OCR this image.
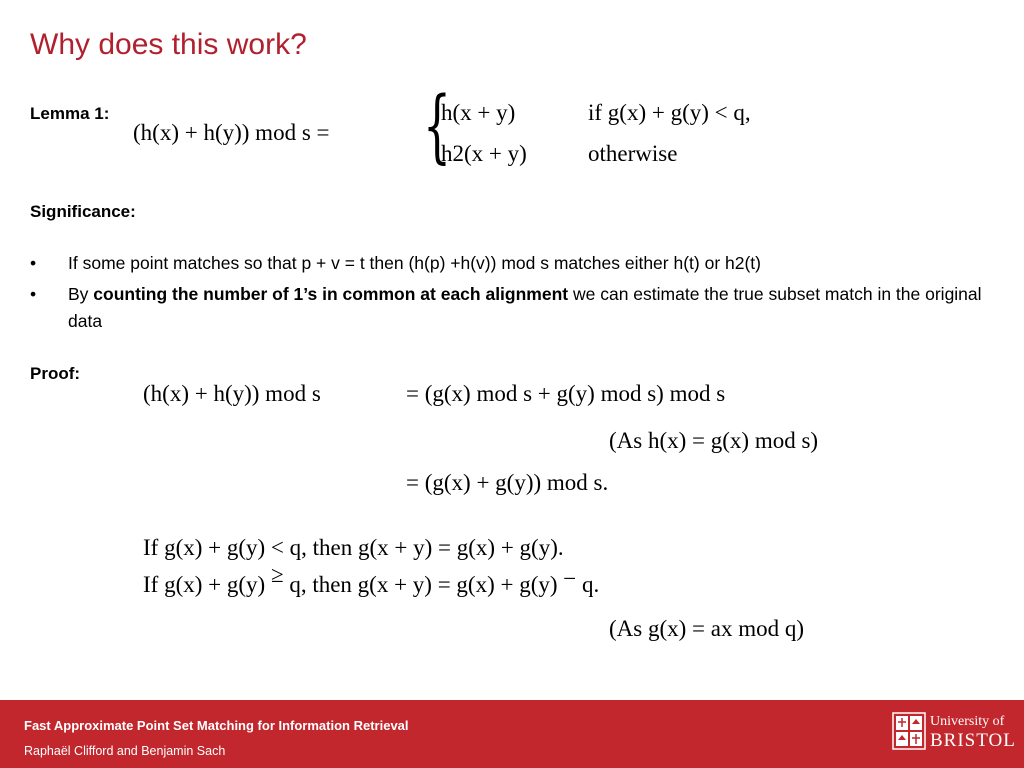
Why does this work?
Lemma 1:
(h(x) + h(y)) mod s = {
h(x + y)	if g(x) + g(y) < q,
h2(x + y)	otherwise
Significance:
• If some point matches so that p + v = t then (h(p) +h(v)) mod s matches either h(t) or h2(t)
• By counting the number of 1’s in common at each alignment we can estimate the true subset match in the original data
Proof:
(h(x) + h(y)) mod s	= (g(x) mod s + g(y) mod s) mod s
(As h(x) = g(x) mod s)
= (g(x) + g(y)) mod s.
If g(x) + g(y) < q, then g(x + y) = g(x) + g(y).
If g(x) + g(y) ≥ q, then g(x + y) = g(x) + g(y) − q.
(As g(x) = ax mod q)
Fast Approximate Point Set Matching for Information Retrieval
Raphaël Clifford and Benjamin Sach
University of
BRISTOL
